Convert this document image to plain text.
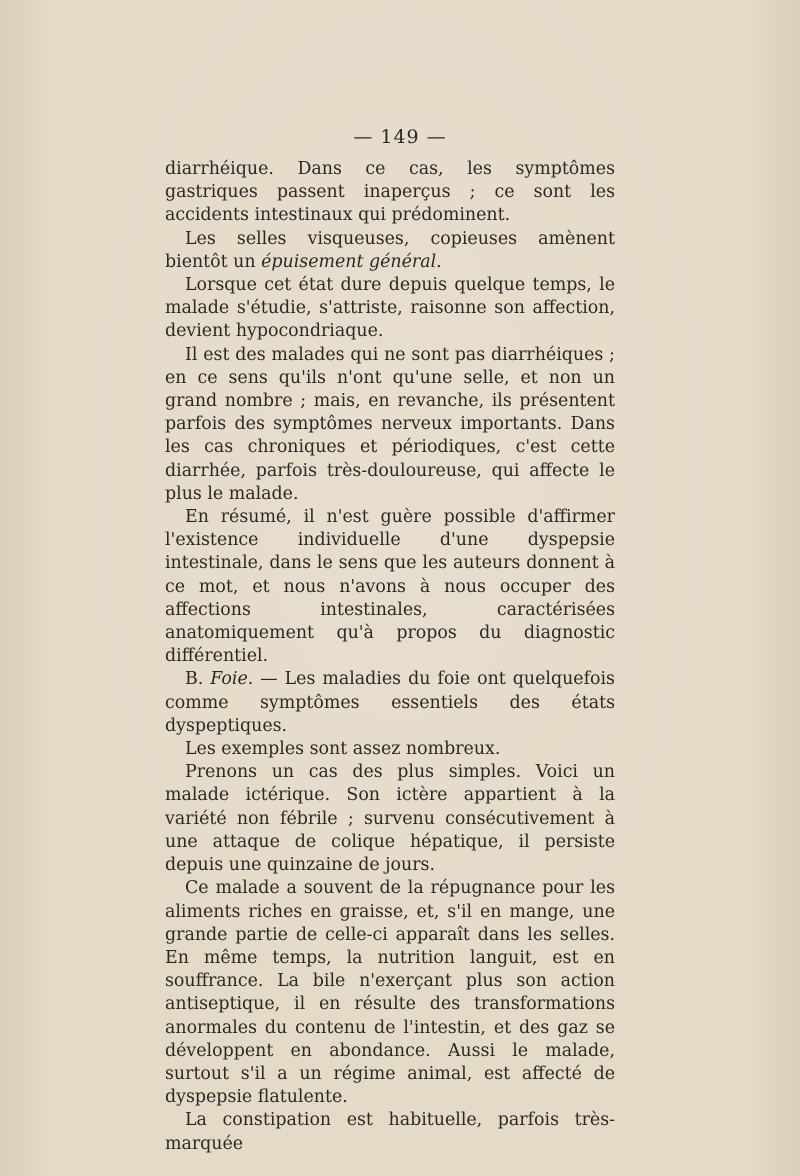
— 149 —

diarrhéique. Dans ce cas, les symptômes gastriques passent inaperçus ; ce sont les accidents intestinaux qui prédominent.

Les selles visqueuses, copieuses amènent bientôt un épuisement général.

Lorsque cet état dure depuis quelque temps, le malade s'étudie, s'attriste, raisonne son affection, devient hypocondriaque.

Il est des malades qui ne sont pas diarrhéiques ; en ce sens qu'ils n'ont qu'une selle, et non un grand nombre ; mais, en revanche, ils présentent parfois des symptômes nerveux importants. Dans les cas chroniques et périodiques, c'est cette diarrhée, parfois très-douloureuse, qui affecte le plus le malade.

En résumé, il n'est guère possible d'affirmer l'existence individuelle d'une dyspepsie intestinale, dans le sens que les auteurs donnent à ce mot, et nous n'avons à nous occuper des affections intestinales, caractérisées anatomiquement qu'à propos du diagnostic différentiel.

B. Foie. — Les maladies du foie ont quelquefois comme symptômes essentiels des états dyspeptiques.

Les exemples sont assez nombreux.

Prenons un cas des plus simples. Voici un malade ictérique. Son ictère appartient à la variété non fébrile ; survenu consécutivement à une attaque de colique hépatique, il persiste depuis une quinzaine de jours.

Ce malade a souvent de la répugnance pour les aliments riches en graisse, et, s'il en mange, une grande partie de celle-ci apparaît dans les selles. En même temps, la nutrition languit, est en souffrance. La bile n'exerçant plus son action antiseptique, il en résulte des transformations anormales du contenu de l'intestin, et des gaz se développent en abondance. Aussi le malade, surtout s'il a un régime animal, est affecté de dyspepsie flatulente.

La constipation est habituelle, parfois très-marquée
